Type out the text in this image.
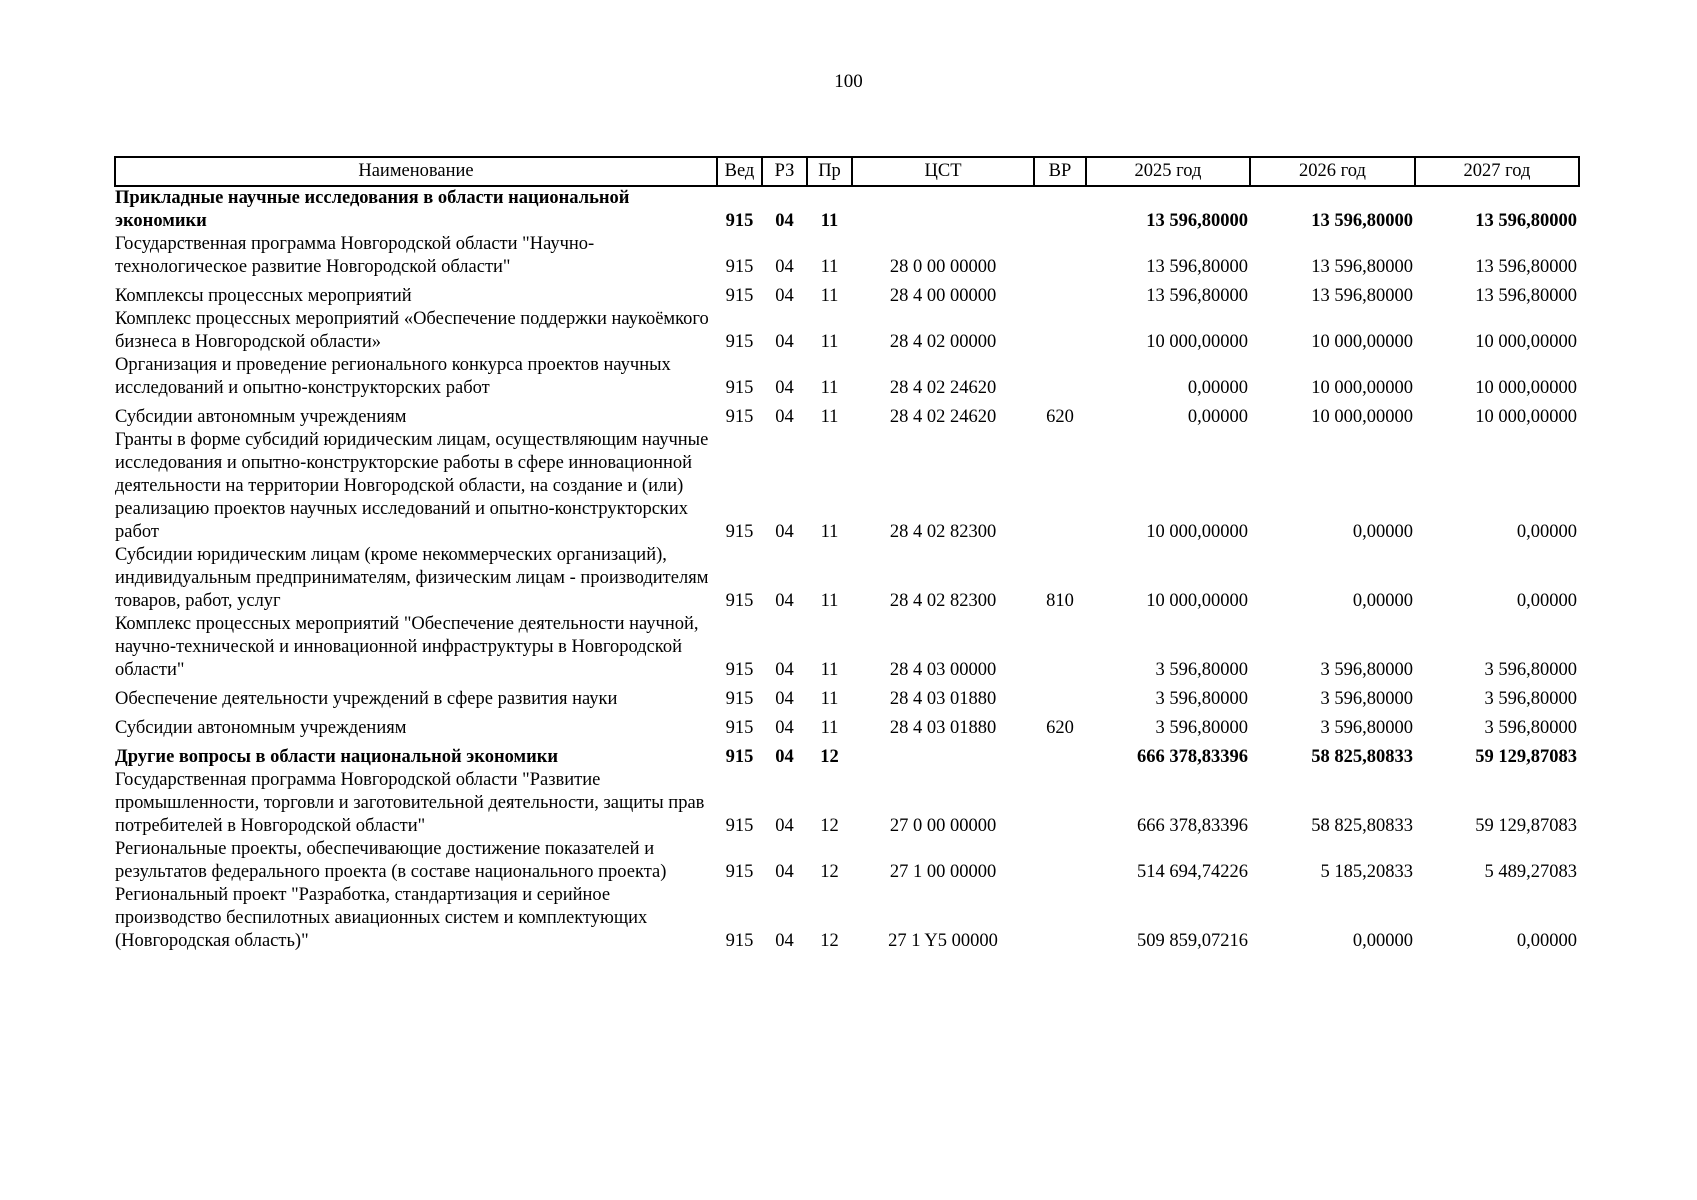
100
Наименование	Вед	РЗ	Пр	ЦСТ	ВР	2025 год	2026 год	2027 год
Прикладные научные исследования в области национальной экономики	915	04	11			13 596,80000	13 596,80000	13 596,80000
Государственная программа Новгородской области "Научно-технологическое развитие Новгородской области"	915	04	11	28 0 00 00000		13 596,80000	13 596,80000	13 596,80000
Комплексы процессных мероприятий	915	04	11	28 4 00 00000		13 596,80000	13 596,80000	13 596,80000
Комплекс процессных мероприятий «Обеспечение поддержки наукоёмкого бизнеса в Новгородской области»	915	04	11	28 4 02 00000		10 000,00000	10 000,00000	10 000,00000
Организация и проведение регионального конкурса проектов научных исследований и опытно-конструкторских работ	915	04	11	28 4 02 24620		0,00000	10 000,00000	10 000,00000
Субсидии автономным учреждениям	915	04	11	28 4 02 24620	620	0,00000	10 000,00000	10 000,00000
Гранты в форме субсидий юридическим лицам, осуществляющим научные исследования и опытно-конструкторские работы в сфере инновационной деятельности на территории Новгородской области, на создание и (или) реализацию проектов научных исследований и опытно-конструкторских работ	915	04	11	28 4 02 82300		10 000,00000	0,00000	0,00000
Субсидии юридическим лицам (кроме некоммерческих организаций), индивидуальным предпринимателям, физическим лицам - производителям товаров, работ, услуг	915	04	11	28 4 02 82300	810	10 000,00000	0,00000	0,00000
Комплекс процессных мероприятий "Обеспечение деятельности научной, научно-технической и инновационной инфраструктуры в Новгородской области"	915	04	11	28 4 03 00000		3 596,80000	3 596,80000	3 596,80000
Обеспечение деятельности учреждений в сфере развития науки	915	04	11	28 4 03 01880		3 596,80000	3 596,80000	3 596,80000
Субсидии автономным учреждениям	915	04	11	28 4 03 01880	620	3 596,80000	3 596,80000	3 596,80000
Другие вопросы в области национальной экономики	915	04	12			666 378,83396	58 825,80833	59 129,87083
Государственная программа Новгородской области "Развитие промышленности, торговли и заготовительной деятельности, защиты прав потребителей в Новгородской области"	915	04	12	27 0 00 00000		666 378,83396	58 825,80833	59 129,87083
Региональные проекты, обеспечивающие достижение показателей и результатов федерального проекта (в составе национального проекта)	915	04	12	27 1 00 00000		514 694,74226	5 185,20833	5 489,27083
Региональный проект "Разработка, стандартизация и серийное производство беспилотных авиационных систем и комплектующих (Новгородская область)"	915	04	12	27 1 Y5 00000		509 859,07216	0,00000	0,00000
